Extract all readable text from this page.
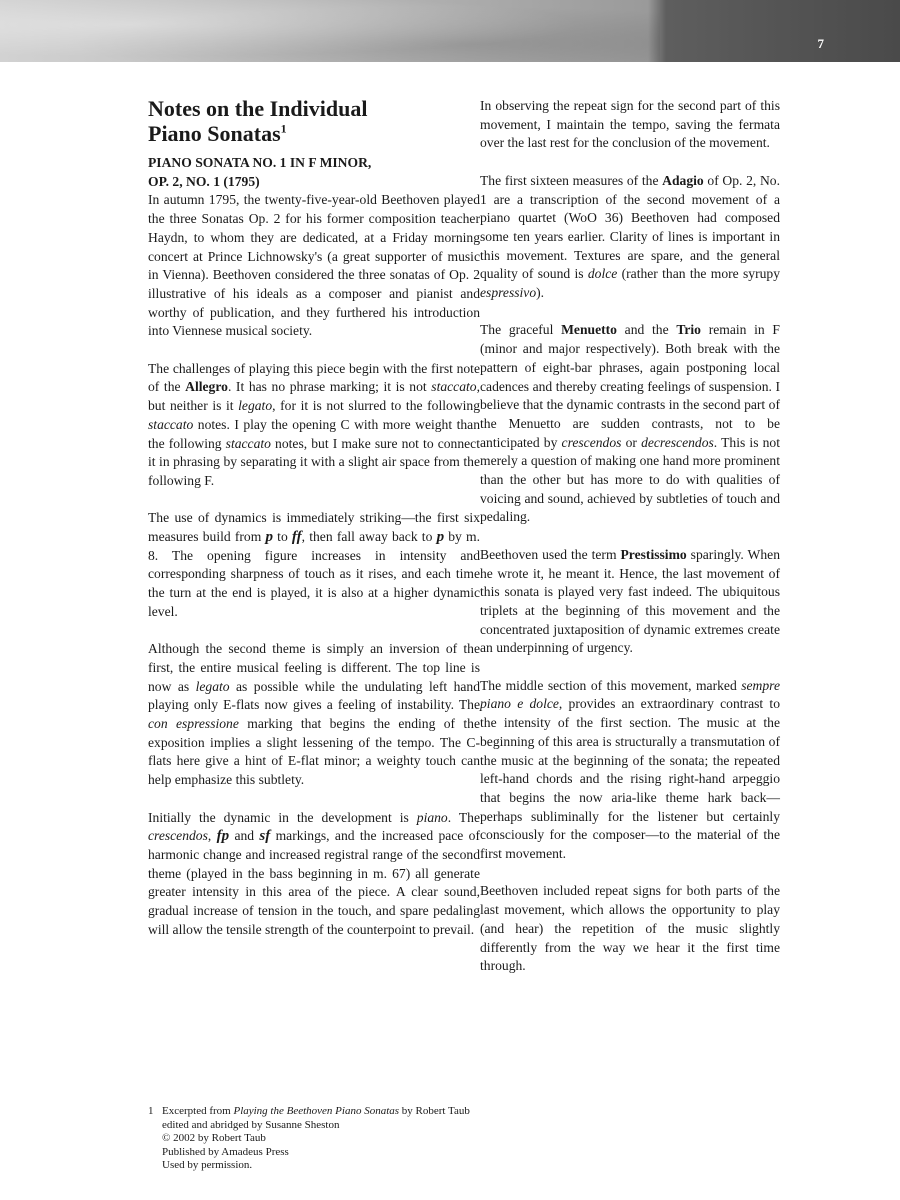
7
Notes on the Individual
Piano Sonatas$^1$
PIANO SONATA NO. 1 IN F MINOR,
OP. 2, NO. 1 (1795)

In autumn 1795, the twenty-five-year-old Beethoven played the three Sonatas Op. 2 for his former composition teacher Haydn, to whom they are dedicated, at a Friday morning concert at Prince Lichnowsky's (a great supporter of music in Vienna). Beethoven considered the three sonatas of Op. 2 illustrative of his ideals as a composer and pianist and worthy of publication, and they furthered his introduction into Viennese musical society.

The challenges of playing this piece begin with the first note of the Allegro. It has no phrase marking; it is not staccato, but neither is it legato, for it is not slurred to the following staccato notes. I play the opening C with more weight than the following staccato notes, but I make sure not to connect it in phrasing by separating it with a slight air space from the following F.

The use of dynamics is immediately striking—the first six measures build from p to ff, then fall away back to p by m. 8. The opening figure increases in intensity and corresponding sharpness of touch as it rises, and each time the turn at the end is played, it is also at a higher dynamic level.

Although the second theme is simply an inversion of the first, the entire musical feeling is different. The top line is now as legato as possible while the undulating left hand playing only E-flats now gives a feeling of instability. The con espressione marking that begins the ending of the exposition implies a slight lessening of the tempo. The C-flats here give a hint of E-flat minor; a weighty touch can help emphasize this subtlety.

Initially the dynamic in the development is piano. The crescendos, fp and sf markings, and the increased pace of harmonic change and increased registral range of the second theme (played in the bass beginning in m. 67) all generate greater intensity in this area of the piece. A clear sound, gradual increase of tension in the touch, and spare pedaling will allow the tensile strength of the counterpoint to prevail.

In observing the repeat sign for the second part of this movement, I maintain the tempo, saving the fermata over the last rest for the conclusion of the movement.

The first sixteen measures of the Adagio of Op. 2, No. 1 are a transcription of the second movement of a piano quartet (WoO 36) Beethoven had composed some ten years earlier. Clarity of lines is important in this movement. Textures are spare, and the general quality of sound is dolce (rather than the more syrupy espressivo).

The graceful Menuetto and the Trio remain in F (minor and major respectively). Both break with the pattern of eight-bar phrases, again postponing local cadences and thereby creating feelings of suspension. I believe that the dynamic contrasts in the second part of the Menuetto are sudden contrasts, not to be anticipated by crescendos or decrescendos. This is not merely a question of making one hand more prominent than the other but has more to do with qualities of voicing and sound, achieved by subtleties of touch and pedaling.

Beethoven used the term Prestissimo sparingly. When he wrote it, he meant it. Hence, the last movement of this sonata is played very fast indeed. The ubiquitous triplets at the beginning of this movement and the concentrated juxtaposition of dynamic extremes create an underpinning of urgency.

The middle section of this movement, marked sempre piano e dolce, provides an extraordinary contrast to the intensity of the first section. The music at the beginning of this area is structurally a transmutation of the music at the beginning of the sonata; the repeated left-hand chords and the rising right-hand arpeggio that begins the now aria-like theme hark back—perhaps subliminally for the listener but certainly consciously for the composer—to the material of the first movement.

Beethoven included repeat signs for both parts of the last movement, which allows the opportunity to play (and hear) the repetition of the music slightly differently from the way we hear it the first time through.

1 Excerpted from Playing the Beethoven Piano Sonatas by Robert Taub
edited and abridged by Susanne Sheston
© 2002 by Robert Taub
Published by Amadeus Press
Used by permission.
